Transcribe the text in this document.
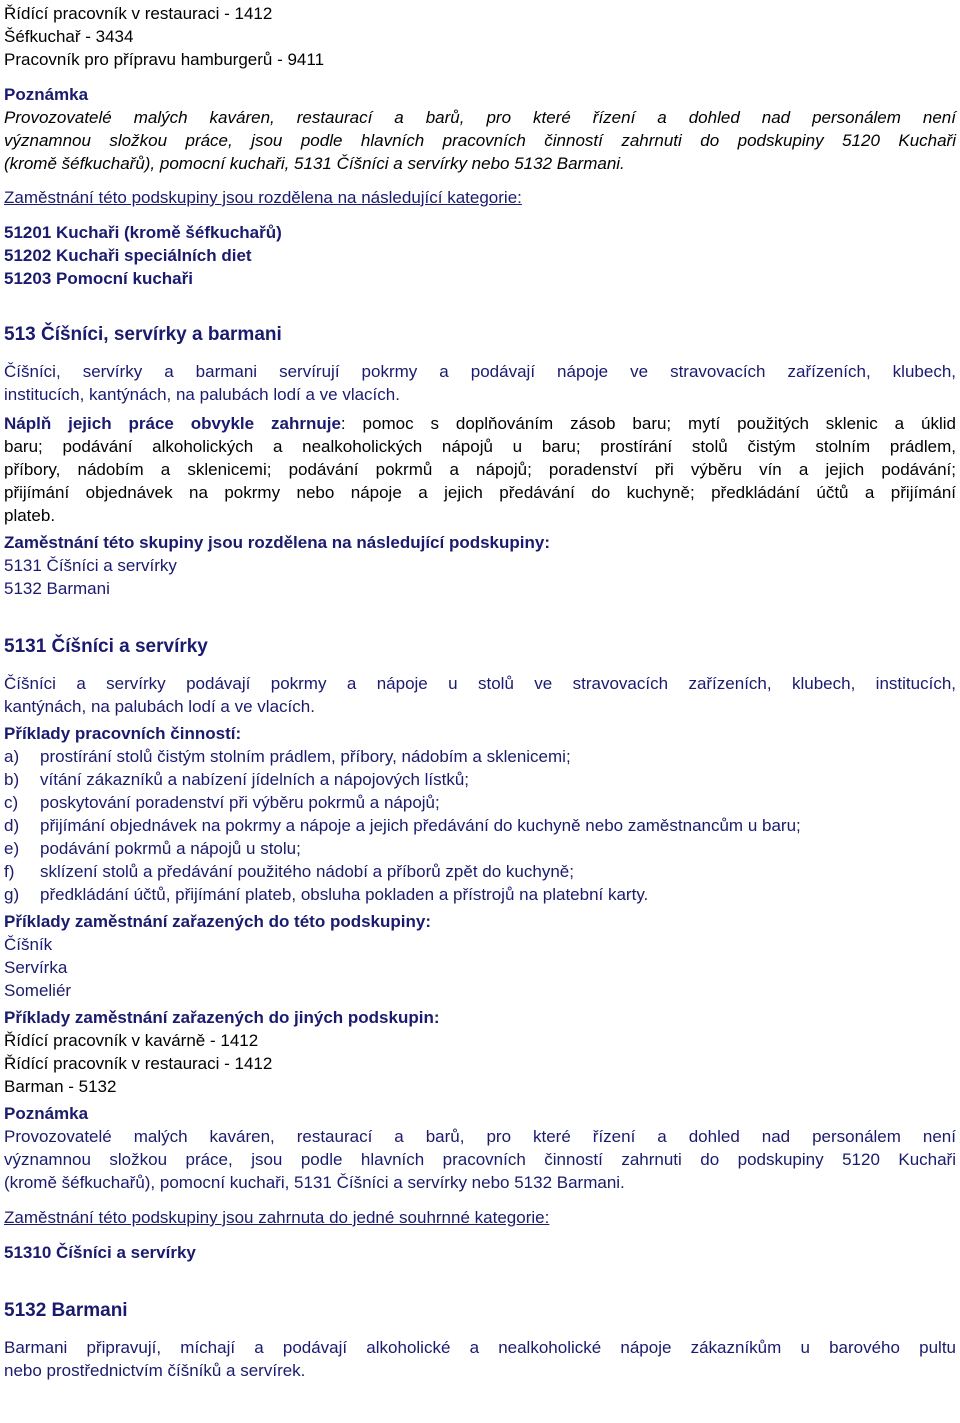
Řídící pracovník v restauraci - 1412
Šéfkuchař - 3434
Pracovník pro přípravu hamburgerů - 9411
Poznámka
Provozovatelé malých kaváren, restaurací a barů, pro které řízení a dohled nad personálem není
významnou složkou práce, jsou podle hlavních pracovních činností zahrnuti do podskupiny 5120 Kuchaři
(kromě šéfkuchařů), pomocní kuchaři, 5131 Číšníci a servírky nebo 5132 Barmani.
Zaměstnání této podskupiny jsou rozdělena na následující kategorie:
51201 Kuchaři (kromě šéfkuchařů)
51202 Kuchaři speciálních diet
51203 Pomocní kuchaři
513 Číšníci, servírky a barmani
Číšníci, servírky a barmani servírují pokrmy a podávají nápoje ve stravovacích zařízeních, klubech,
institucích, kantýnách, na palubách lodí a ve vlacích.
Náplň jejich práce obvykle zahrnuje: pomoc s doplňováním zásob baru; mytí použitých sklenic a úklid
baru; podávání alkoholických a nealkoholických nápojů u baru; prostírání stolů čistým stolním prádlem,
příbory, nádobím a sklenicemi; podávání pokrmů a nápojů; poradenství při výběru vín a jejich podávání;
přijímání objednávek na pokrmy nebo nápoje a jejich předávání do kuchyně; předkládání účtů a přijímání
plateb.
Zaměstnání této skupiny jsou rozdělena na následující podskupiny:
5131 Číšníci a servírky
5132 Barmani
5131 Číšníci a servírky
Číšníci a servírky podávají pokrmy a nápoje u stolů ve stravovacích zařízeních, klubech, institucích,
kantýnách, na palubách lodí a ve vlacích.
Příklady pracovních činností:
a)	prostírání stolů čistým stolním prádlem, příbory, nádobím a sklenicemi;
b)	vítání zákazníků a nabízení jídelních a nápojových lístků;
c)	poskytování poradenství při výběru pokrmů a nápojů;
d)	přijímání objednávek na pokrmy a nápoje a jejich předávání do kuchyně nebo zaměstnancům u baru;
e)	podávání pokrmů a nápojů u stolu;
f)	sklízení stolů a předávání použitého nádobí a příborů zpět do kuchyně;
g)	předkládání účtů, přijímání plateb, obsluha pokladen a přístrojů na platební karty.
Příklady zaměstnání zařazených do této podskupiny:
Číšník
Servírka
Someliér
Příklady zaměstnání zařazených do jiných podskupin:
Řídící pracovník v kavárně - 1412
Řídící pracovník v restauraci - 1412
Barman - 5132
Poznámka
Provozovatelé malých kaváren, restaurací a barů, pro které řízení a dohled nad personálem není
významnou složkou práce, jsou podle hlavních pracovních činností zahrnuti do podskupiny 5120 Kuchaři
(kromě šéfkuchařů), pomocní kuchaři, 5131 Číšníci a servírky nebo 5132 Barmani.
Zaměstnání této podskupiny jsou zahrnuta do jedné souhrnné kategorie:
51310 Číšníci a servírky
5132 Barmani
Barmani připravují, míchají a podávají alkoholické a nealkoholické nápoje zákazníkům u barového pultu
nebo prostřednictvím číšníků a servírek.
